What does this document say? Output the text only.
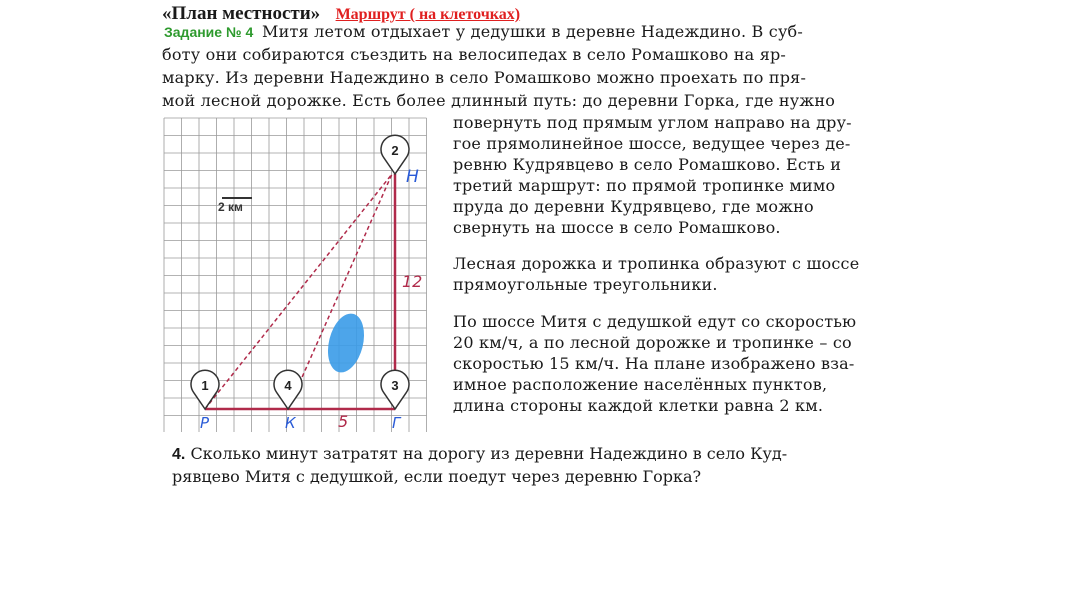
«План местности» Маршрут ( на клеточках)
Задание № 4 Митя летом отдыхает у дедушки в деревне Надеждино. В суб-
боту они собираются съездить на велосипедах в село Ромашково на яр-
марку. Из деревни Надеждино в село Ромашково можно проехать по пря-
мой лесной дорожке. Есть более длинный путь: до деревни Горка, где нужно
повернуть под прямым углом направо на дру-
гое прямолинейное шоссе, ведущее через де-
ревню Кудрявцево в село Ромашково. Есть и
третий маршрут: по прямой тропинке мимо
пруда до деревни Кудрявцево, где можно
свернуть на шоссе в село Ромашково.
Лесная дорожка и тропинка образуют с шоссе
прямоугольные треугольники.
По шоссе Митя с дедушкой едут со скоростью
20 км/ч, а по лесной дорожке и тропинке – со
скоростью 15 км/ч. На плане изображено вза-
имное расположение населённых пунктов,
длина стороны каждой клетки равна 2 км.
4. Сколько минут затратят на дорогу из деревни Надеждино в село Куд-
рявцево Митя с дедушкой, если поедут через деревню Горка?
2 км
1
2
3
4
12
5
Р
Н
Г
К
